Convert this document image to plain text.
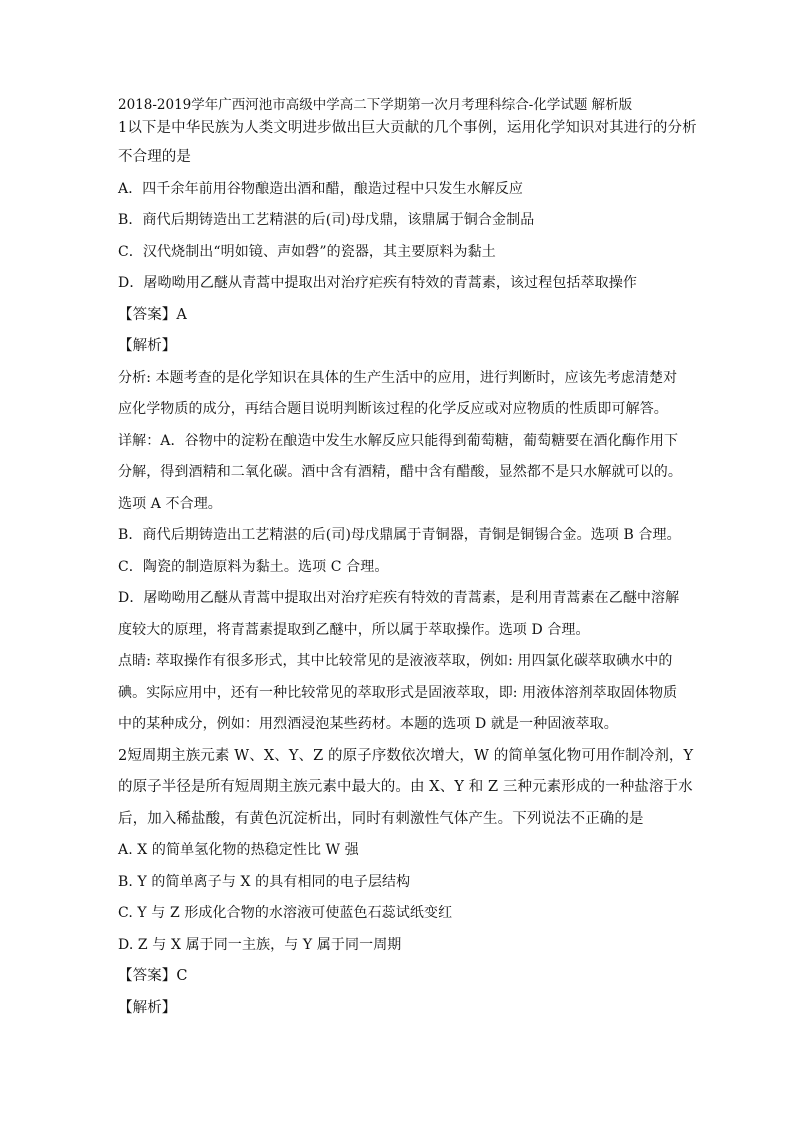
2018-2019学年广西河池市高级中学高二下学期第一次月考理科综合-化学试题 解析版
1以下是中华民族为人类文明进步做出巨大贡献的几个事例，运用化学知识对其进行的分析
不合理的是
A．四千余年前用谷物酿造出酒和醋，酿造过程中只发生水解反应
B．商代后期铸造出工艺精湛的后(司)母戊鼎，该鼎属于铜合金制品
C．汉代烧制出“明如镜、声如磬”的瓷器，其主要原料为黏土
D．屠呦呦用乙醚从青蒿中提取出对治疗疟疾有特效的青蒿素，该过程包括萃取操作
【答案】A
【解析】
分析: 本题考查的是化学知识在具体的生产生活中的应用，进行判断时，应该先考虑清楚对
应化学物质的成分，再结合题目说明判断该过程的化学反应或对应物质的性质即可解答。
详解：A．谷物中的淀粉在酿造中发生水解反应只能得到葡萄糖，葡萄糖要在酒化酶作用下
分解，得到酒精和二氧化碳。酒中含有酒精，醋中含有醋酸，显然都不是只水解就可以的。
选项 A 不合理。
B．商代后期铸造出工艺精湛的后(司)母戊鼎属于青铜器，青铜是铜锡合金。选项 B 合理。
C．陶瓷的制造原料为黏土。选项 C 合理。
D．屠呦呦用乙醚从青蒿中提取出对治疗疟疾有特效的青蒿素，是利用青蒿素在乙醚中溶解
度较大的原理，将青蒿素提取到乙醚中，所以属于萃取操作。选项 D 合理。
点睛: 萃取操作有很多形式，其中比较常见的是液液萃取，例如: 用四氯化碳萃取碘水中的
碘。实际应用中，还有一种比较常见的萃取形式是固液萃取，即: 用液体溶剂萃取固体物质
中的某种成分，例如：用烈酒浸泡某些药材。本题的选项 D 就是一种固液萃取。
2短周期主族元素 W、X、Y、Z 的原子序数依次增大，W 的简单氢化物可用作制冷剂，Y
的原子半径是所有短周期主族元素中最大的。由 X、Y 和 Z 三种元素形成的一种盐溶于水
后，加入稀盐酸，有黄色沉淀析出，同时有刺激性气体产生。下列说法不正确的是
A. X 的简单氢化物的热稳定性比 W 强
B. Y 的简单离子与 X 的具有相同的电子层结构
C. Y 与 Z 形成化合物的水溶液可使蓝色石蕊试纸变红
D. Z 与 X 属于同一主族，与 Y 属于同一周期
【答案】C
【解析】
